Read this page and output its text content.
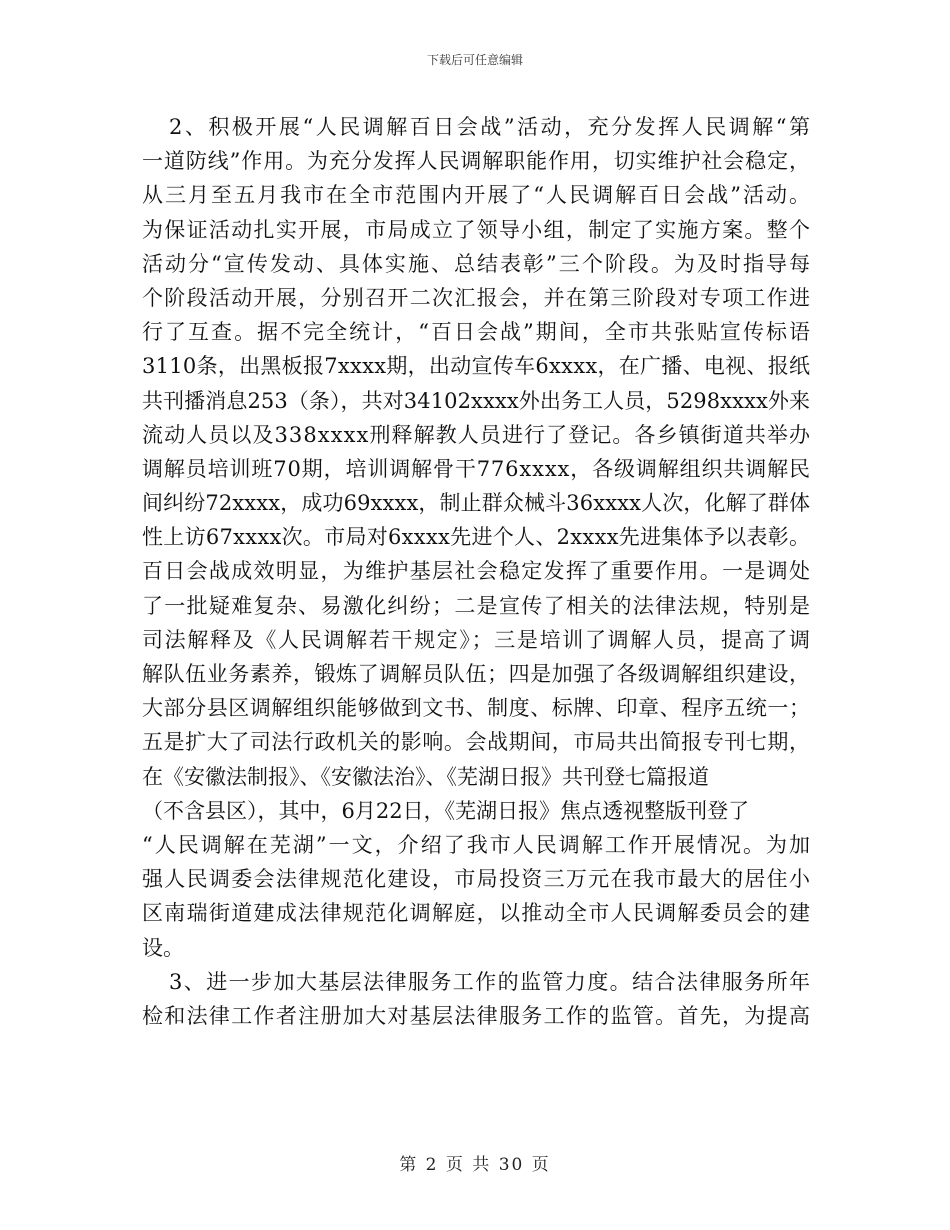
下载后可任意编辑
2、积极开展“人民调解百日会战”活动，充分发挥人民调解“第
一道防线”作用。为充分发挥人民调解职能作用，切实维护社会稳定，
从三月至五月我市在全市范围内开展了“人民调解百日会战”活动。
为保证活动扎实开展，市局成立了领导小组，制定了实施方案。整个
活动分“宣传发动、具体实施、总结表彰”三个阶段。为及时指导每
个阶段活动开展，分别召开二次汇报会，并在第三阶段对专项工作进
行了互查。据不完全统计，“百日会战”期间，全市共张贴宣传标语
3110条，出黑板报7xxxx期，出动宣传车6xxxx，在广播、电视、报纸
共刊播消息253（条），共对34102xxxx外出务工人员，5298xxxx外来
流动人员以及338xxxx刑释解教人员进行了登记。各乡镇街道共举办
调解员培训班70期，培训调解骨干776xxxx，各级调解组织共调解民
间纠纷72xxxx，成功69xxxx，制止群众械斗36xxxx人次，化解了群体
性上访67xxxx次。市局对6xxxx先进个人、2xxxx先进集体予以表彰。
百日会战成效明显，为维护基层社会稳定发挥了重要作用。一是调处
了一批疑难复杂、易激化纠纷；二是宣传了相关的法律法规，特别是
司法解释及《人民调解若干规定》；三是培训了调解人员，提高了调
解队伍业务素养，锻炼了调解员队伍；四是加强了各级调解组织建设，
大部分县区调解组织能够做到文书、制度、标牌、印章、程序五统一；
五是扩大了司法行政机关的影响。会战期间，市局共出简报专刊七期，
在《安徽法制报》、《安徽法治》、《芜湖日报》共刊登七篇报道
（不含县区），其中，6月22日，《芜湖日报》焦点透视整版刊登了
“人民调解在芜湖”一文，介绍了我市人民调解工作开展情况。为加
强人民调委会法律规范化建设，市局投资三万元在我市最大的居住小
区南瑞街道建成法律规范化调解庭，以推动全市人民调解委员会的建
设。
3、进一步加大基层法律服务工作的监管力度。结合法律服务所年
检和法律工作者注册加大对基层法律服务工作的监管。首先，为提高
第 2 页 共 30 页
